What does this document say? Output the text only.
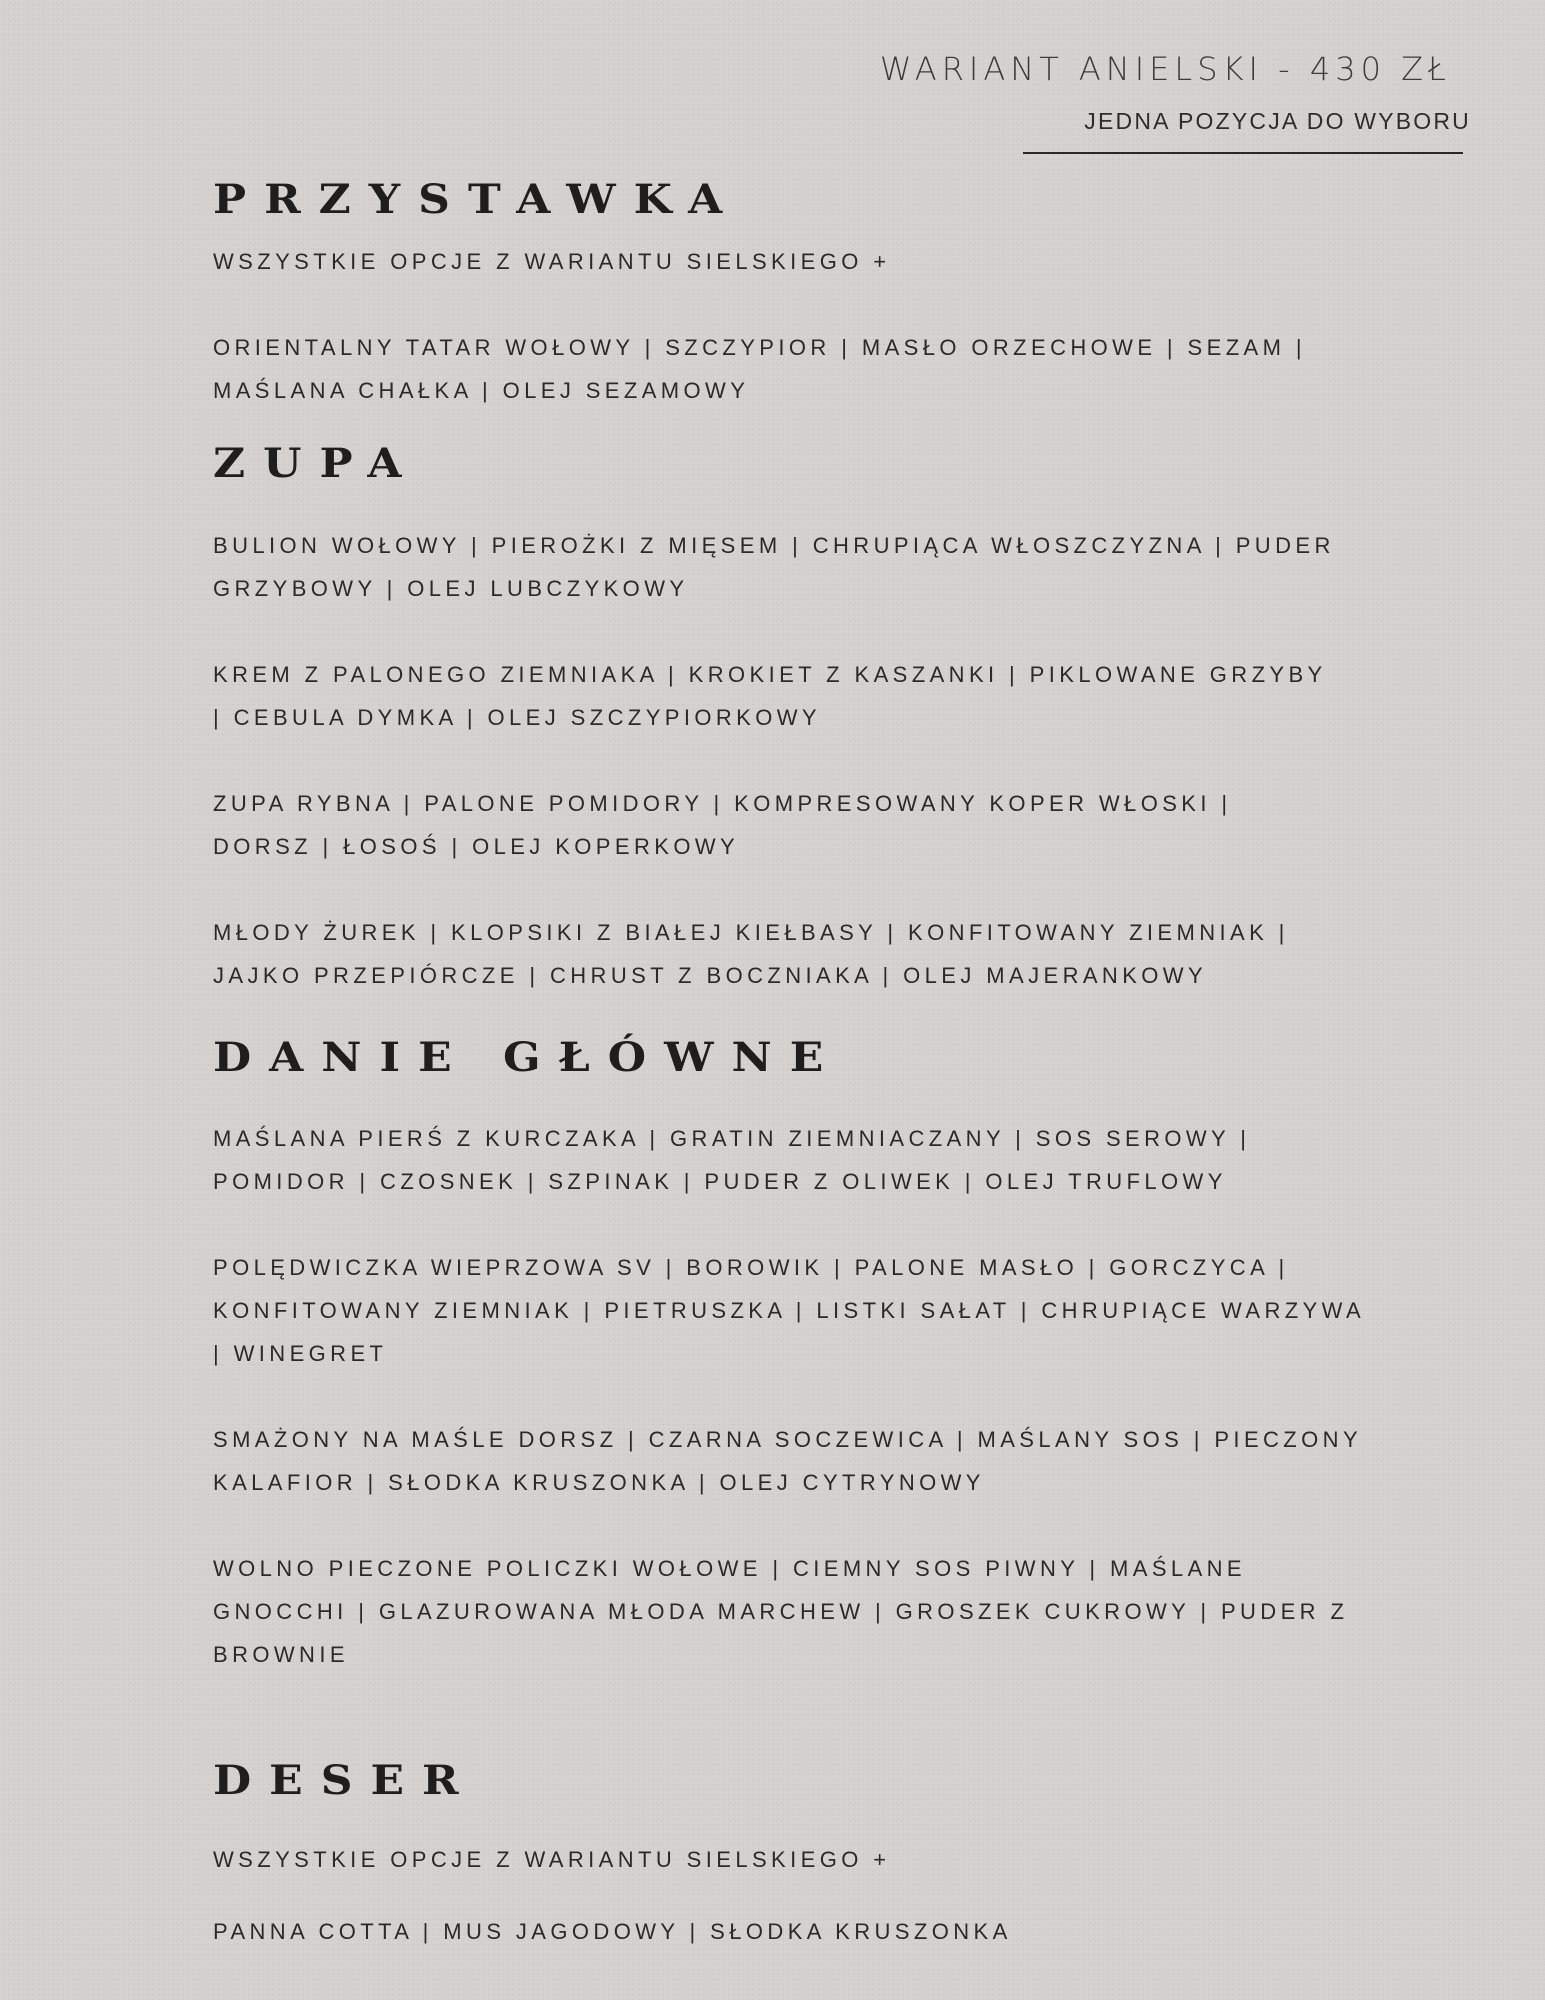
WARIANT ANIELSKI - 430 ZŁ
JEDNA POZYCJA DO WYBORU
PRZYSTAWKA
WSZYSTKIE OPCJE Z WARIANTU SIELSKIEGO +
ORIENTALNY TATAR WOŁOWY | SZCZYPIOR | MASŁO ORZECHOWE | SEZAM |
MAŚLANA CHAŁKA | OLEJ SEZAMOWY
ZUPA
BULION WOŁOWY | PIEROŻKI Z MIĘSEM | CHRUPIĄCA WŁOSZCZYZNA | PUDER
GRZYBOWY | OLEJ LUBCZYKOWY
KREM Z PALONEGO ZIEMNIAKA | KROKIET Z KASZANKI | PIKLOWANE GRZYBY
| CEBULA DYMKA | OLEJ SZCZYPIORKOWY
ZUPA RYBNA | PALONE POMIDORY | KOMPRESOWANY KOPER WŁOSKI |
DORSZ | ŁOSOŚ | OLEJ KOPERKOWY
MŁODY ŻUREK | KLOPSIKI Z BIAŁEJ KIEŁBASY | KONFITOWANY ZIEMNIAK |
JAJKO PRZEPIÓRCZE | CHRUST Z BOCZNIAKA | OLEJ MAJERANKOWY
DANIE GŁÓWNE
MAŚLANA PIERŚ Z KURCZAKA | GRATIN ZIEMNIACZANY | SOS SEROWY |
POMIDOR | CZOSNEK | SZPINAK | PUDER Z OLIWEK | OLEJ TRUFLOWY
POLĘDWICZKA WIEPRZOWA SV | BOROWIK | PALONE MASŁO | GORCZYCA |
KONFITOWANY ZIEMNIAK | PIETRUSZKA | LISTKI SAŁAT | CHRUPIĄCE WARZYWA
| WINEGRET
SMAŻONY NA MAŚLE DORSZ | CZARNA SOCZEWICA | MAŚLANY SOS | PIECZONY
KALAFIOR | SŁODKA KRUSZONKA | OLEJ CYTRYNOWY
WOLNO PIECZONE POLICZKI WOŁOWE | CIEMNY SOS PIWNY | MAŚLANE
GNOCCHI | GLAZUROWANA MŁODA MARCHEW | GROSZEK CUKROWY | PUDER Z
BROWNIE
DESER
WSZYSTKIE OPCJE Z WARIANTU SIELSKIEGO +
PANNA COTTA | MUS JAGODOWY | SŁODKA KRUSZONKA
